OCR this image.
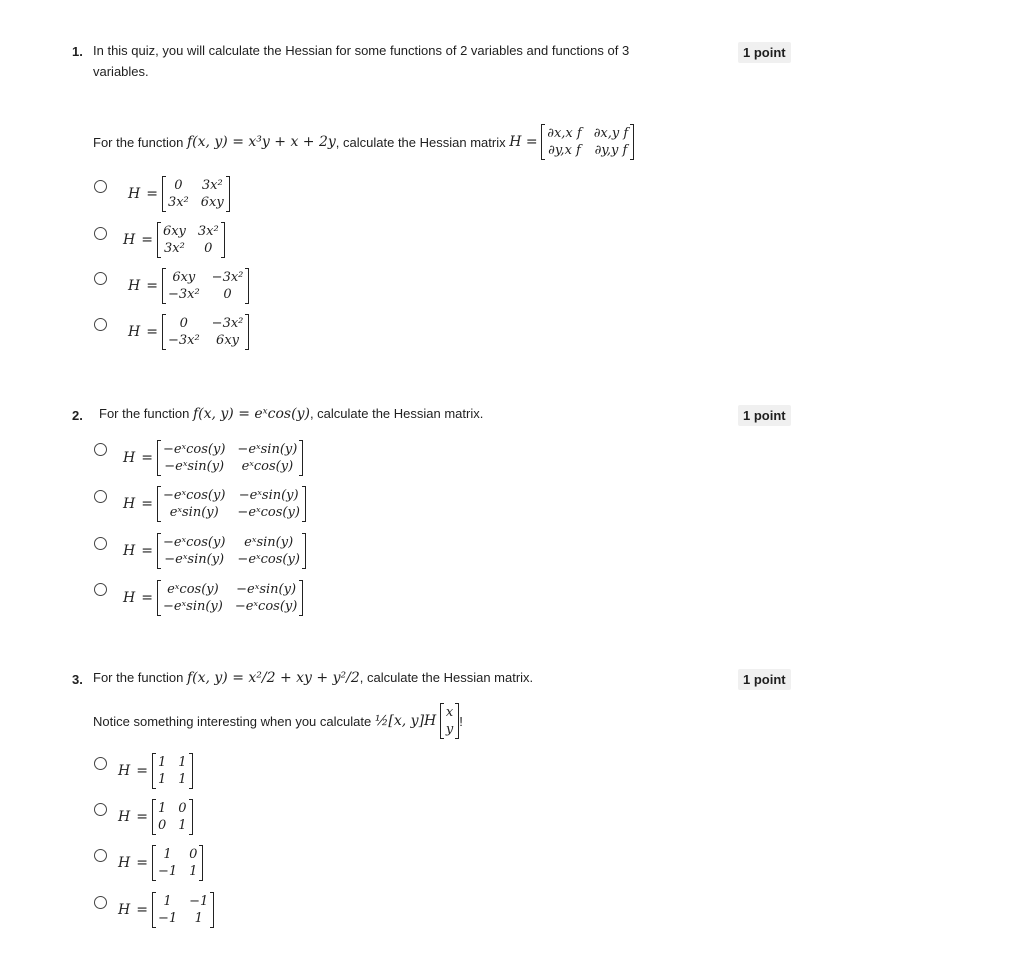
1. In this quiz, you will calculate the Hessian for some functions of 2 variables and functions of 3 variables.
1 point
For the function
f(x, y) = x³y + x + 2y , calculate the Hessian matrix
H =

∂x,x f ∂x,y f
∂y,x f ∂y,y f
H =
0	3x²
3x² 6xy
H =
6xy 3x²
3x²	0
H =
6xy	−3x²
−3x²	0
H =
0	−3x²
−3x²	6xy
2. For the function f(x, y) = eˣcos(y), calculate the Hessian matrix.	1 point
H =
−eˣcos(y) −eˣsin(y)
−eˣsin(y)	eˣcos(y)
H =
−eˣcos(y) −eˣsin(y)
eˣsin(y)	−eˣcos(y)
H =
−eˣcos(y)	eˣsin(y)
−eˣsin(y) −eˣcos(y)
H =
eˣcos(y)	−eˣsin(y)
−eˣsin(y) −eˣcos(y)
3. For the function f(x, y) = x²/2 + xy + y²/2, calculate the Hessian matrix.	1 point
Notice something interesting when you calculate
½[x, y]H

x
y
!
H =
1 1
1 1
H =
1 0
0 1
H =
1	0
−1 1
H =
1	−1
−1	1
